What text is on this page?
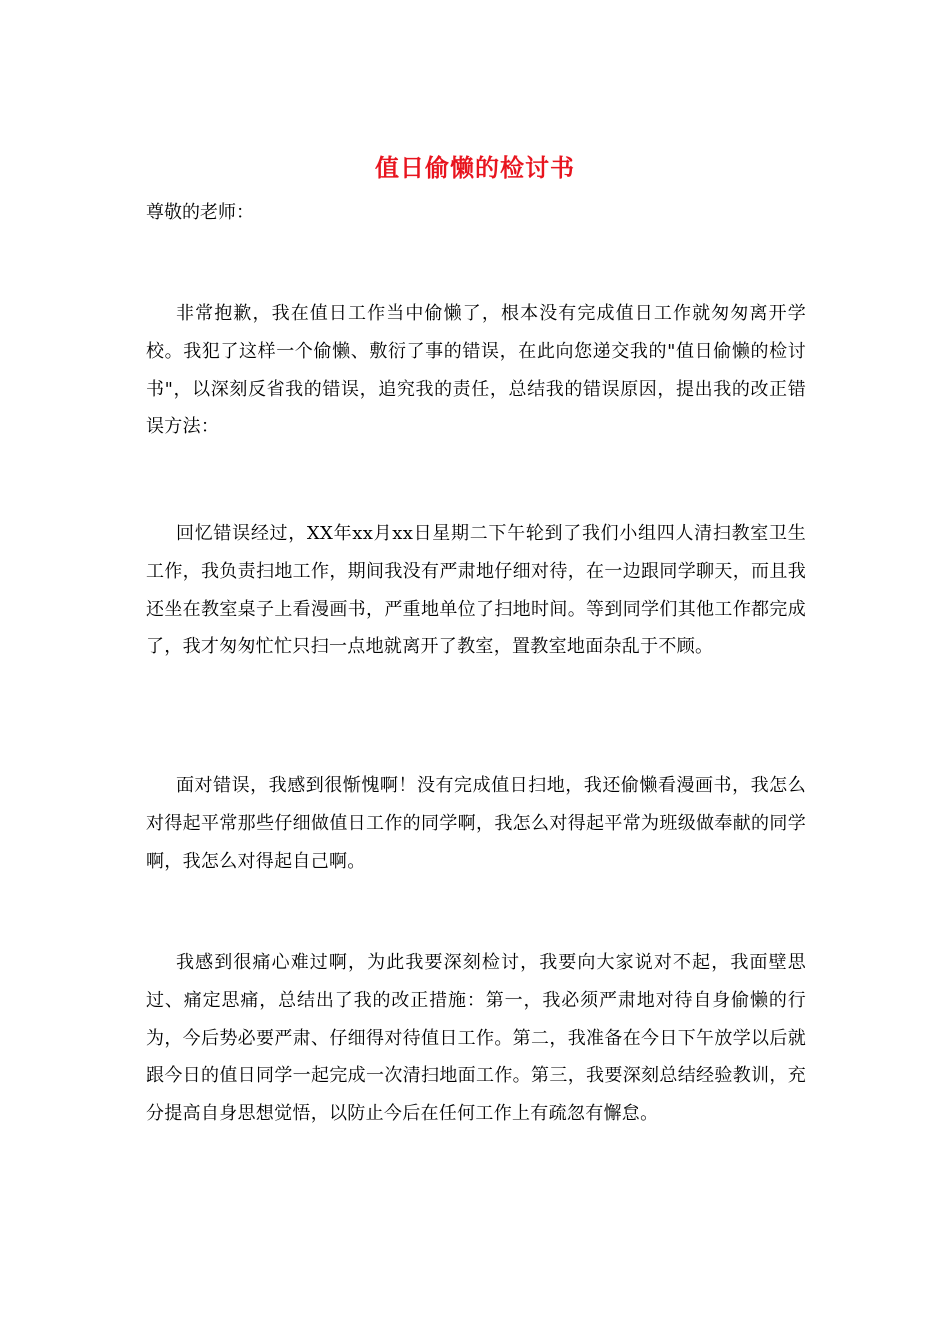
值日偷懒的检讨书

尊敬的老师：

非常抱歉，我在值日工作当中偷懒了，根本没有完成值日工作就匆匆离开学校。我犯了这样一个偷懒、敷衍了事的错误，在此向您递交我的"值日偷懒的检讨书"，以深刻反省我的错误，追究我的责任，总结我的错误原因，提出我的改正错误方法：

回忆错误经过，XX年xx月xx日星期二下午轮到了我们小组四人清扫教室卫生工作，我负责扫地工作，期间我没有严肃地仔细对待，在一边跟同学聊天，而且我还坐在教室桌子上看漫画书，严重地单位了扫地时间。等到同学们其他工作都完成了，我才匆匆忙忙只扫一点地就离开了教室，置教室地面杂乱于不顾。

面对错误，我感到很惭愧啊！没有完成值日扫地，我还偷懒看漫画书，我怎么对得起平常那些仔细做值日工作的同学啊，我怎么对得起平常为班级做奉献的同学啊，我怎么对得起自己啊。

我感到很痛心难过啊，为此我要深刻检讨，我要向大家说对不起，我面壁思过、痛定思痛，总结出了我的改正措施：第一，我必须严肃地对待自身偷懒的行为，今后势必要严肃、仔细得对待值日工作。第二，我准备在今日下午放学以后就跟今日的值日同学一起完成一次清扫地面工作。第三，我要深刻总结经验教训，充分提高自身思想觉悟，以防止今后在任何工作上有疏忽有懈怠。
